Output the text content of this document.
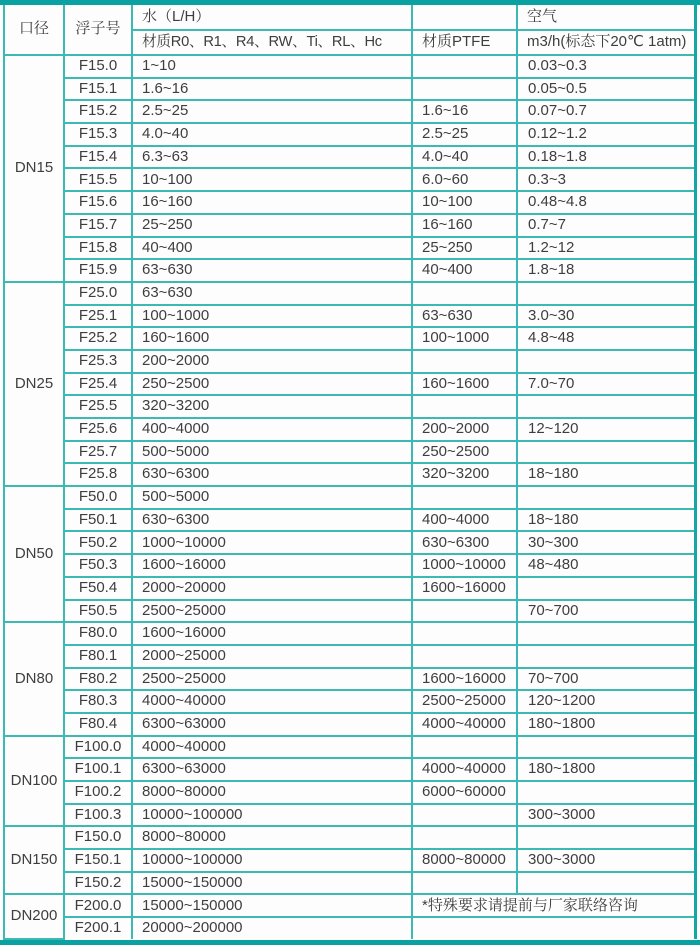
口径	浮子号	水（L/H）		空气
		材质R0、R1、R4、RW、Ti、RL、Hc	材质PTFE	m3/h(标态下20℃ 1atm)
DN15	F15.0	1~10		0.03~0.3
	F15.1	1.6~16		0.05~0.5
	F15.2	2.5~25	1.6~16	0.07~0.7
	F15.3	4.0~40	2.5~25	0.12~1.2
	F15.4	6.3~63	4.0~40	0.18~1.8
	F15.5	10~100	6.0~60	0.3~3
	F15.6	16~160	10~100	0.48~4.8
	F15.7	25~250	16~160	0.7~7
	F15.8	40~400	25~250	1.2~12
	F15.9	63~630	40~400	1.8~18
DN25	F25.0	63~630		
	F25.1	100~1000	63~630	3.0~30
	F25.2	160~1600	100~1000	4.8~48
	F25.3	200~2000		
	F25.4	250~2500	160~1600	7.0~70
	F25.5	320~3200		
	F25.6	400~4000	200~2000	12~120
	F25.7	500~5000	250~2500	
	F25.8	630~6300	320~3200	18~180
DN50	F50.0	500~5000		
	F50.1	630~6300	400~4000	18~180
	F50.2	1000~10000	630~6300	30~300
	F50.3	1600~16000	1000~10000	48~480
	F50.4	2000~20000	1600~16000	
	F50.5	2500~25000		70~700
DN80	F80.0	1600~16000		
	F80.1	2000~25000		
	F80.2	2500~25000	1600~16000	70~700
	F80.3	4000~40000	2500~25000	120~1200
	F80.4	6300~63000	4000~40000	180~1800
DN100	F100.0	4000~40000		
	F100.1	6300~63000	4000~40000	180~1800
	F100.2	8000~80000	6000~60000	
	F100.3	10000~100000		300~3000
DN150	F150.0	8000~80000		
	F150.1	10000~100000	8000~80000	300~3000
	F150.2	15000~150000		
DN200	F200.0	15000~150000	*特殊要求请提前与厂家联络咨询	
	F200.1	20000~200000		
